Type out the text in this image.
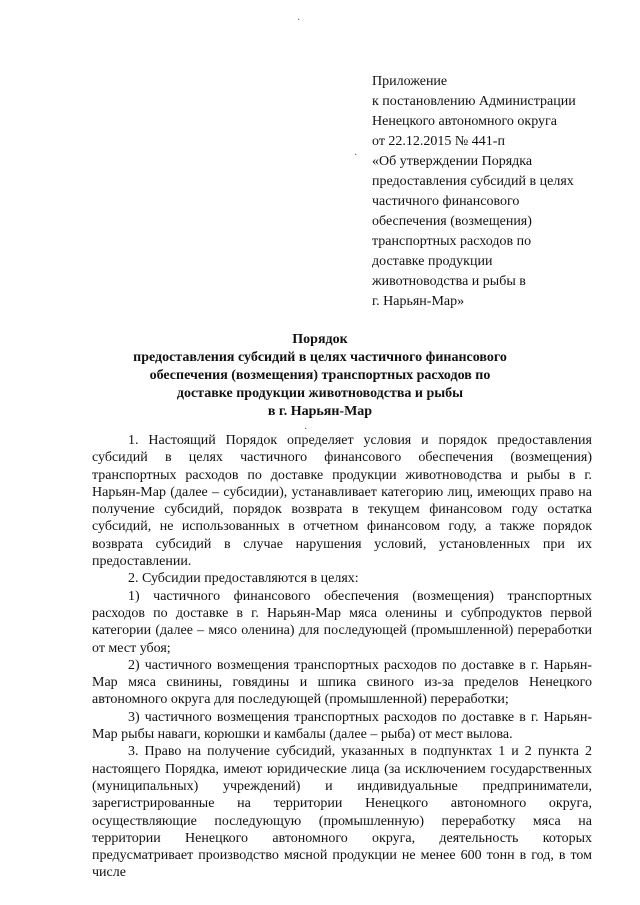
·
·
·
Приложение
к постановлению Администрации
Ненецкого автономного округа
от 22.12.2015 № 441-п
«Об утверждении Порядка
предоставления субсидий в целях
частичного финансового
обеспечения (возмещения)
транспортных расходов по
доставке продукции
животноводства и рыбы в
г. Нарьян-Мар»
Порядок
предоставления субсидий в целях частичного финансового
обеспечения (возмещения) транспортных расходов по
доставке продукции животноводства и рыбы
в г. Нарьян-Мар

1. Настоящий Порядок определяет условия и порядок предоставления субсидий в целях частичного финансового обеспечения (возмещения) транспортных расходов по доставке продукции животноводства и рыбы в г. Нарьян-Мар (далее – субсидии), устанавливает категорию лиц, имеющих право на получение субсидий, порядок возврата в текущем финансовом году остатка субсидий, не использованных в отчетном финансовом году, а также порядок возврата субсидий в случае нарушения условий, установленных при их предоставлении.

2. Субсидии предоставляются в целях:

1) частичного финансового обеспечения (возмещения) транспортных расходов по доставке в г. Нарьян-Мар мяса оленины и субпродуктов первой категории (далее – мясо оленина) для последующей (промышленной) переработки от мест убоя;

2) частичного возмещения транспортных расходов по доставке в г. Нарьян-Мар мяса свинины, говядины и шпика свиного из-за пределов Ненецкого автономного округа для последующей (промышленной) переработки;

3) частичного возмещения транспортных расходов по доставке в г. Нарьян-Мар рыбы наваги, корюшки и камбалы (далее – рыба) от мест вылова.

3. Право на получение субсидий, указанных в подпунктах 1 и 2 пункта 2 настоящего Порядка, имеют юридические лица (за исключением государственных (муниципальных) учреждений) и индивидуальные предприниматели, зарегистрированные на территории Ненецкого автономного округа, осуществляющие последующую (промышленную) переработку мяса на территории Ненецкого автономного округа, деятельность которых предусматривает производство мясной продукции не менее 600 тонн в год, в том числе
